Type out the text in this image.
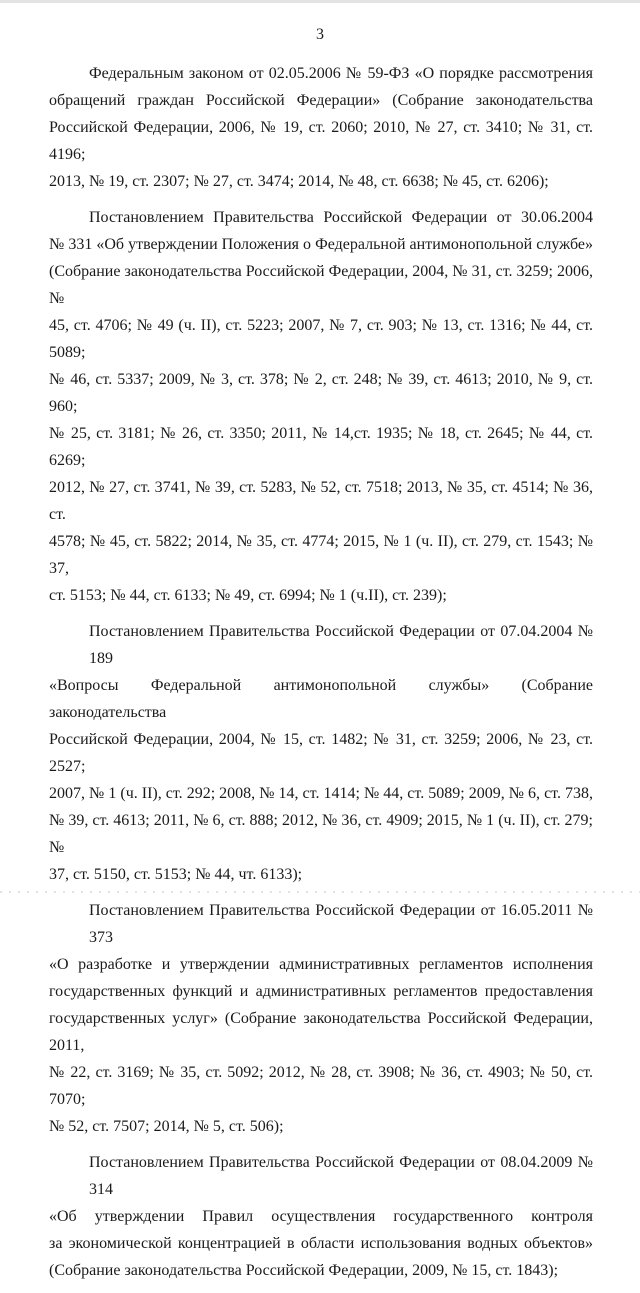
3
Федеральным законом от 02.05.2006 № 59-ФЗ «О порядке рассмотрения
обращений граждан Российской Федерации» (Собрание законодательства
Российской Федерации, 2006, № 19, ст. 2060; 2010, № 27, ст. 3410; № 31, ст. 4196;
2013, № 19, ст. 2307; № 27, ст. 3474; 2014, № 48, ст. 6638; № 45, ст. 6206);
Постановлением Правительства Российской Федерации от 30.06.2004
№ 331 «Об утверждении Положения о Федеральной антимонопольной службе»
(Собрание законодательства Российской Федерации, 2004, № 31, ст. 3259; 2006, №
45, ст. 4706; № 49 (ч. II), ст. 5223; 2007, № 7, ст. 903; № 13, ст. 1316; № 44, ст. 5089;
№ 46, ст. 5337; 2009, № 3, ст. 378; № 2, ст. 248; № 39, ст. 4613; 2010, № 9, ст. 960;
№ 25, ст. 3181; № 26, ст. 3350; 2011, № 14,ст. 1935; № 18, ст. 2645; № 44, ст. 6269;
2012, № 27, ст. 3741, № 39, ст. 5283, № 52, ст. 7518; 2013, № 35, ст. 4514; № 36, ст.
4578; № 45, ст. 5822; 2014, № 35, ст. 4774; 2015, № 1 (ч. II), ст. 279, ст. 1543; № 37,
ст. 5153; № 44, ст. 6133; № 49, ст. 6994; № 1 (ч.II), ст. 239);
Постановлением Правительства Российской Федерации от 07.04.2004 № 189
«Вопросы Федеральной антимонопольной службы» (Собрание законодательства
Российской Федерации, 2004, № 15, ст. 1482; № 31, ст. 3259; 2006, № 23, ст. 2527;
2007, № 1 (ч. II), ст. 292; 2008, № 14, ст. 1414; № 44, ст. 5089; 2009, № 6, ст. 738,
№ 39, ст. 4613; 2011, № 6, ст. 888; 2012, № 36, ст. 4909; 2015, № 1 (ч. II), ст. 279; №
37, ст. 5150, ст. 5153; № 44, чт. 6133);
Постановлением Правительства Российской Федерации от 16.05.2011 № 373
«О разработке и утверждении административных регламентов исполнения
государственных функций и административных регламентов предоставления
государственных услуг» (Собрание законодательства Российской Федерации, 2011,
№ 22, ст. 3169; № 35, ст. 5092; 2012, № 28, ст. 3908; № 36, ст. 4903; № 50, ст. 7070;
№ 52, ст. 7507; 2014, № 5, ст. 506);
Постановлением Правительства Российской Федерации от 08.04.2009 № 314
«Об утверждении Правил осуществления государственного контроля
за экономической концентрацией в области использования водных объектов»
(Собрание законодательства Российской Федерации, 2009, № 15, ст. 1843);
